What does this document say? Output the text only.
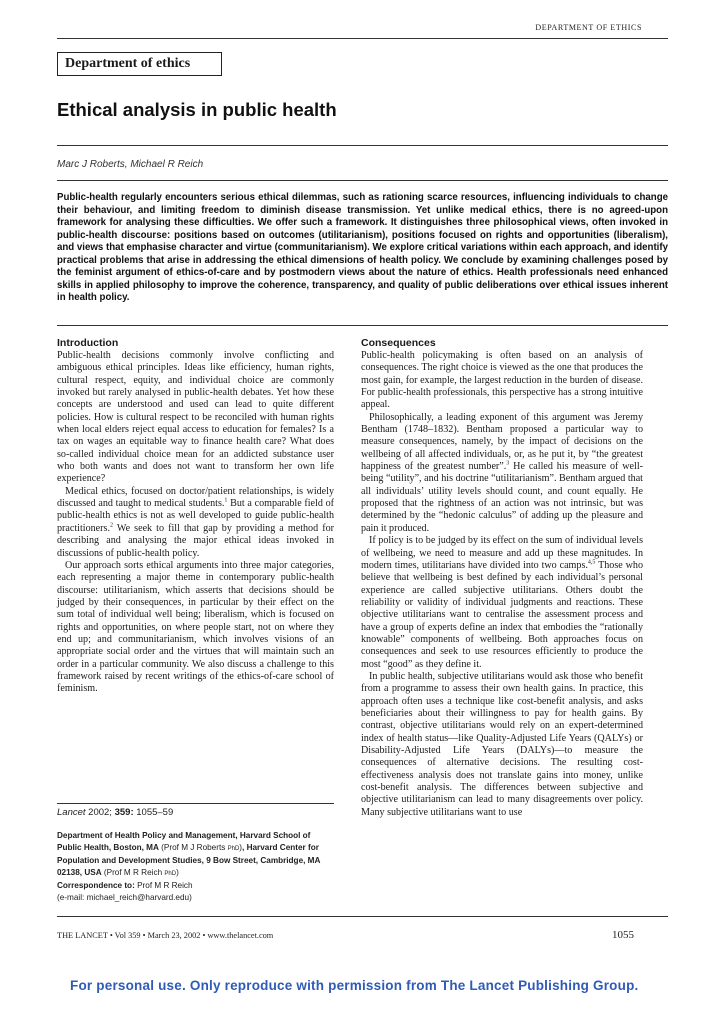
DEPARTMENT OF ETHICS
Department of ethics
Ethical analysis in public health
Marc J Roberts, Michael R Reich

Public-health regularly encounters serious ethical dilemmas, such as rationing scarce resources, influencing individuals to change their behaviour, and limiting freedom to diminish disease transmission. Yet unlike medical ethics, there is no agreed-upon framework for analysing these difficulties. We offer such a framework. It distinguishes three philosophical views, often invoked in public-health discourse: positions based on outcomes (utilitarianism), positions focused on rights and opportunities (liberalism), and views that emphasise character and virtue (communitarianism). We explore critical variations within each approach, and identify practical problems that arise in addressing the ethical dimensions of health policy. We conclude by examining challenges posed by the feminist argument of ethics-of-care and by postmodern views about the nature of ethics. Health professionals need enhanced skills in applied philosophy to improve the coherence, transparency, and quality of public deliberations over ethical issues inherent in health policy.

Introduction

Public-health decisions commonly involve conflicting and ambiguous ethical principles. Ideas like efficiency, human rights, cultural respect, equity, and individual choice are commonly invoked but rarely analysed in public-health debates. Yet how these concepts are understood and used can lead to quite different policies. How is cultural respect to be reconciled with human rights when local elders reject equal access to education for females? Is a tax on wages an equitable way to finance health care? What does so-called individual choice mean for an addicted substance user who both wants and does not want to transform her own life experience?

Medical ethics, focused on doctor/patient relationships, is widely discussed and taught to medical students.$^1$ But a comparable field of public-health ethics is not as well developed to guide public-health practitioners.$^2$ We seek to fill that gap by providing a method for describing and analysing the major ethical ideas invoked in discussions of public-health policy.

Our approach sorts ethical arguments into three major categories, each representing a major theme in contemporary public-health discourse: utilitarianism, which asserts that decisions should be judged by their consequences, in particular by their effect on the sum total of individual well being; liberalism, which is focused on rights and opportunities, on where people start, not on where they end up; and communitarianism, which involves visions of an appropriate social order and the virtues that will maintain such an order in a particular community. We also discuss a challenge to this framework raised by recent writings of the ethics-of-care school of feminism.

Consequences

Public-health policymaking is often based on an analysis of consequences. The right choice is viewed as the one that produces the most gain, for example, the largest reduction in the burden of disease. For public-health professionals, this perspective has a strong intuitive appeal.

Philosophically, a leading exponent of this argument was Jeremy Bentham (1748–1832). Bentham proposed a particular way to measure consequences, namely, by the impact of decisions on the wellbeing of all affected individuals, or, as he put it, by “the greatest happiness of the greatest number”.$^3$ He called his measure of well-being “utility”, and his doctrine “utilitarianism”. Bentham argued that all individuals’ utility levels should count, and count equally. He proposed that the rightness of an action was not intrinsic, but was determined by the “hedonic calculus” of adding up the pleasure and pain it produced.

If policy is to be judged by its effect on the sum of individual levels of wellbeing, we need to measure and add up these magnitudes. In modern times, utilitarians have divided into two camps.$^{4,5}$ Those who believe that wellbeing is best defined by each individual’s personal experience are called subjective utilitarians. Others doubt the reliability or validity of individual judgments and reactions. These objective utilitarians want to centralise the assessment process and have a group of experts define an index that embodies the “rationally knowable” components of wellbeing. Both approaches focus on consequences and seek to use resources efficiently to produce the most “good” as they define it.

In public health, subjective utilitarians would ask those who benefit from a programme to assess their own health gains. In practice, this approach often uses a technique like cost-benefit analysis, and asks beneficiaries about their willingness to pay for health gains. By contrast, objective utilitarians would rely on an expert-determined index of health status—like Quality-Adjusted Life Years (QALYs) or Disability-Adjusted Life Years (DALYs)—to measure the consequences of alternative decisions. The resulting cost-effectiveness analysis does not translate gains into money, unlike cost-benefit analysis. The differences between subjective and objective utilitarianism can lead to many disagreements over policy. Many subjective utilitarians want to use

Lancet 2002; 359: 1055–59
Department of Health Policy and Management, Harvard School of Public Health, Boston, MA (Prof M J Roberts PhD), Harvard Center for Population and Development Studies, 9 Bow Street, Cambridge, MA 02138, USA (Prof M R Reich PhD)
Correspondence to: Prof M R Reich
(e-mail: michael_reich@harvard.edu)
THE LANCET • Vol 359 • March 23, 2002 • www.thelancet.com	1055
For personal use. Only reproduce with permission from The Lancet Publishing Group.
